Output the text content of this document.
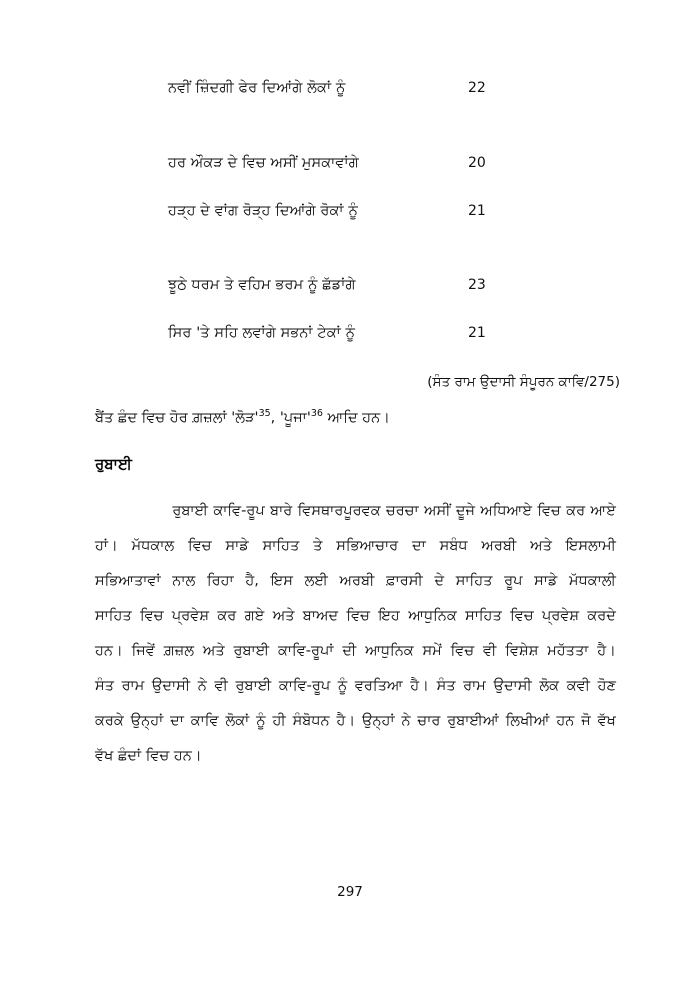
ਨਵੀਂ ਜ਼ਿੰਦਗੀ ਫੇਰ ਦਿਆਂਗੇ ਲੋਕਾਂ ਨੂੰ	22
ਹਰ ਔਕੜ ਦੇ ਵਿਚ ਅਸੀਂ ਮੁਸਕਾਵਾਂਗੇ	20
ਹੜ੍ਹ ਦੇ ਵਾਂਗ ਰੋੜ੍ਹ ਦਿਆਂਗੇ ਰੋਕਾਂ ਨੂੰ	21
ਝੂਠੇ ਧਰਮ ਤੇ ਵਹਿਮ ਭਰਮ ਨੂੰ ਛੱਡਾਂਗੇ	23
ਸਿਰ 'ਤੇ ਸਹਿ ਲਵਾਂਗੇ ਸਭਨਾਂ ਟੇਕਾਂ ਨੂੰ	21
(ਸੰਤ ਰਾਮ ਉਦਾਸੀ ਸੰਪੂਰਨ ਕਾਵਿ/275)
ਬੈਂਤ ਛੰਦ ਵਿਚ ਹੋਰ ਗ਼ਜ਼ਲਾਂ '$ਲੋੜ'^{35}$, '$ਪੂਜਾ'^{36}$ ਆਦਿ ਹਨ।
ਰੁਬਾਈ
ਰੁਬਾਈ ਕਾਵਿ-ਰੂਪ ਬਾਰੇ ਵਿਸਥਾਰਪੂਰਵਕ ਚਰਚਾ ਅਸੀਂ ਦੂਜੇ ਅਧਿਆਏ ਵਿਚ ਕਰ ਆਏ
ਹਾਂ। ਮੱਧਕਾਲ ਵਿਚ ਸਾਡੇ ਸਾਹਿਤ ਤੇ ਸਭਿਆਚਾਰ ਦਾ ਸਬੰਧ ਅਰਬੀ ਅਤੇ ਇਸਲਾਮੀ
ਸਭਿਆਤਾਵਾਂ ਨਾਲ ਰਿਹਾ ਹੈ, ਇਸ ਲਈ ਅਰਬੀ ਫ਼ਾਰਸੀ ਦੇ ਸਾਹਿਤ ਰੂਪ ਸਾਡੇ ਮੱਧਕਾਲੀ
ਸਾਹਿਤ ਵਿਚ ਪ੍ਰਵੇਸ਼ ਕਰ ਗਏ ਅਤੇ ਬਾਅਦ ਵਿਚ ਇਹ ਆਧੁਨਿਕ ਸਾਹਿਤ ਵਿਚ ਪ੍ਰਵੇਸ਼ ਕਰਦੇ
ਹਨ। ਜਿਵੇਂ ਗ਼ਜ਼ਲ ਅਤੇ ਰੁਬਾਈ ਕਾਵਿ-ਰੂਪਾਂ ਦੀ ਆਧੁਨਿਕ ਸਮੇਂ ਵਿਚ ਵੀ ਵਿਸ਼ੇਸ਼ ਮਹੱਤਤਾ ਹੈ।
ਸੰਤ ਰਾਮ ਉਦਾਸੀ ਨੇ ਵੀ ਰੁਬਾਈ ਕਾਵਿ-ਰੂਪ ਨੂੰ ਵਰਤਿਆ ਹੈ। ਸੰਤ ਰਾਮ ਉਦਾਸੀ ਲੋਕ ਕਵੀ ਹੋਣ
ਕਰਕੇ ਉਨ੍ਹਾਂ ਦਾ ਕਾਵਿ ਲੋਕਾਂ ਨੂੰ ਹੀ ਸੰਬੋਧਨ ਹੈ। ਉਨ੍ਹਾਂ ਨੇ ਚਾਰ ਰੁਬਾਈਆਂ ਲਿਖੀਆਂ ਹਨ ਜੋ ਵੱਖ
ਵੱਖ
ਛੰਦਾਂ
ਵਿਚ
ਹਨ।
297
